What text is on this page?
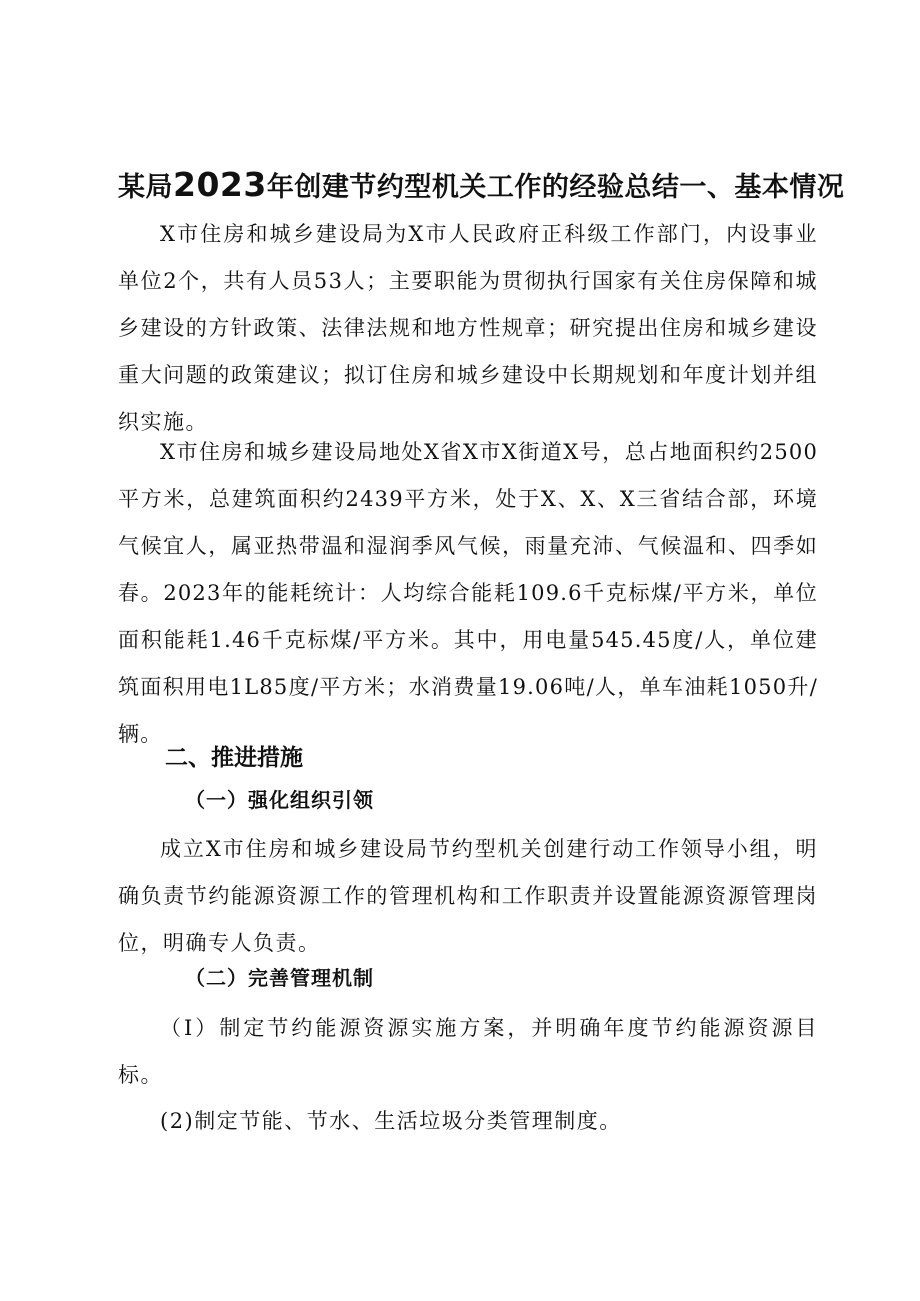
某局2023年创建节约型机关工作的经验总结一、基本情况

X市住房和城乡建设局为X市人民政府正科级工作部门，内设事业单位2个，共有人员53人；主要职能为贯彻执行国家有关住房保障和城乡建设的方针政策、法律法规和地方性规章；研究提出住房和城乡建设重大问题的政策建议；拟订住房和城乡建设中长期规划和年度计划并组织实施。

X市住房和城乡建设局地处X省X市X街道X号，总占地面积约2500平方米，总建筑面积约2439平方米，处于X、X、X三省结合部，环境气候宜人，属亚热带温和湿润季风气候，雨量充沛、气候温和、四季如春。2023年的能耗统计：人均综合能耗109.6千克标煤/平方米，单位面积能耗1.46千克标煤/平方米。其中，用电量545.45度/人，单位建筑面积用电1L85度/平方米；水消费量19.06吨/人，单车油耗1050升/辆。

二、推进措施
（一）强化组织引领

成立X市住房和城乡建设局节约型机关创建行动工作领导小组，明确负责节约能源资源工作的管理机构和工作职责并设置能源资源管理岗位，明确专人负责。

（二）完善管理机制

（I）制定节约能源资源实施方案，并明确年度节约能源资源目标。

(2)制定节能、节水、生活垃圾分类管理制度。
